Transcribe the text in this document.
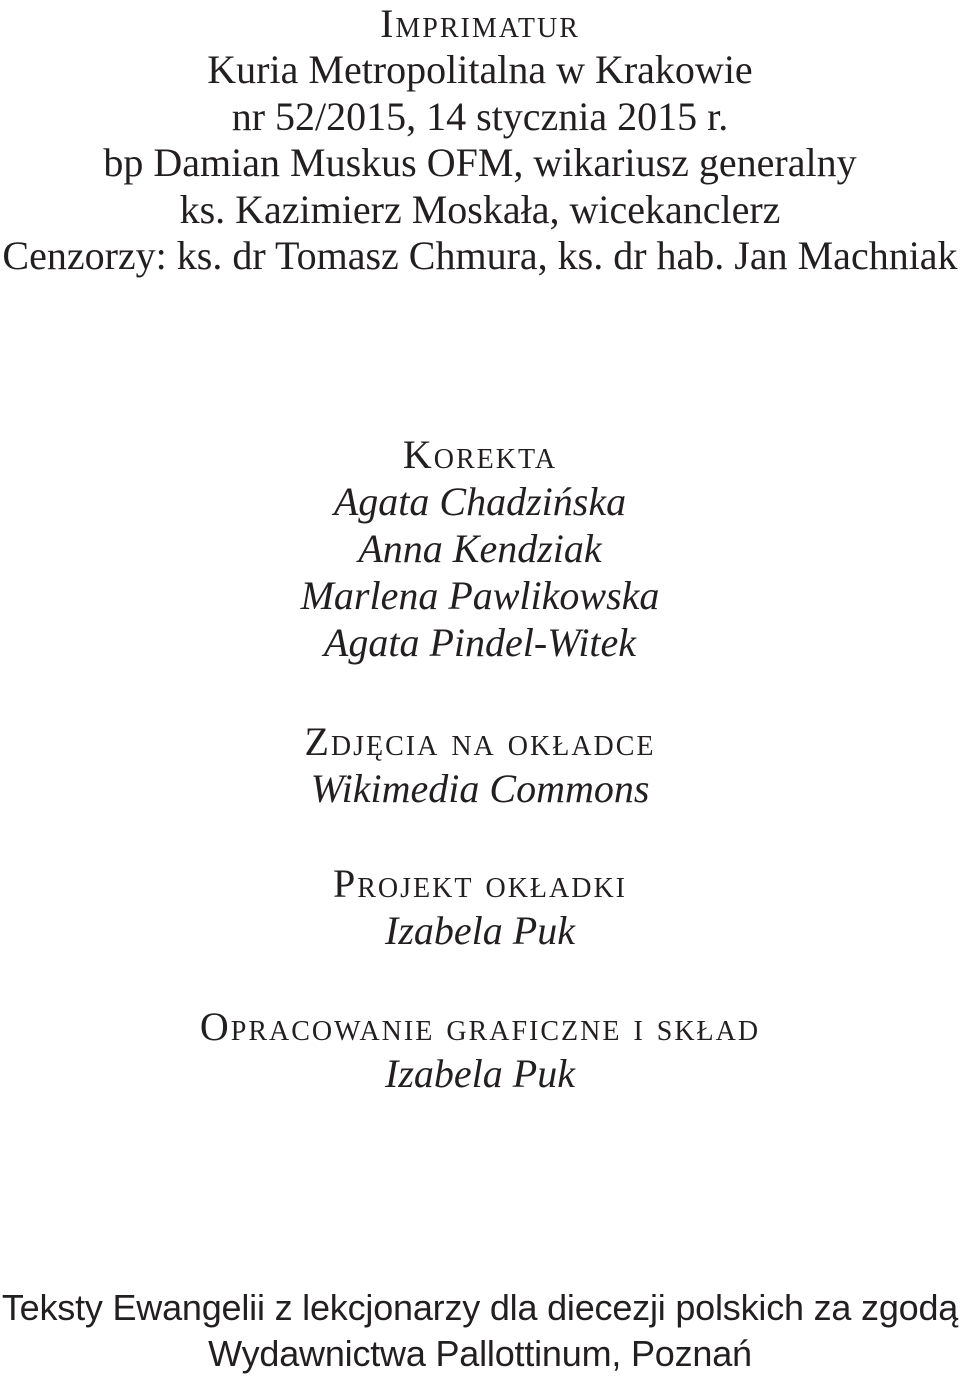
Imprimatur
Kuria Metropolitalna w Krakowie
nr 52/2015, 14 stycznia 2015 r.
bp Damian Muskus OFM, wikariusz generalny
ks. Kazimierz Moskała, wicekanclerz
Cenzorzy: ks. dr Tomasz Chmura, ks. dr hab. Jan Machniak
Korekta
Agata Chadzińska
Anna Kendziak
Marlena Pawlikowska
Agata Pindel-Witek
Zdjęcia na okładce
Wikimedia Commons
Projekt okładki
Izabela Puk
Opracowanie graficzne i skład
Izabela Puk
Teksty Ewangelii z lekcjonarzy dla diecezji polskich za zgodą
Wydawnictwa Pallottinum, Poznań
